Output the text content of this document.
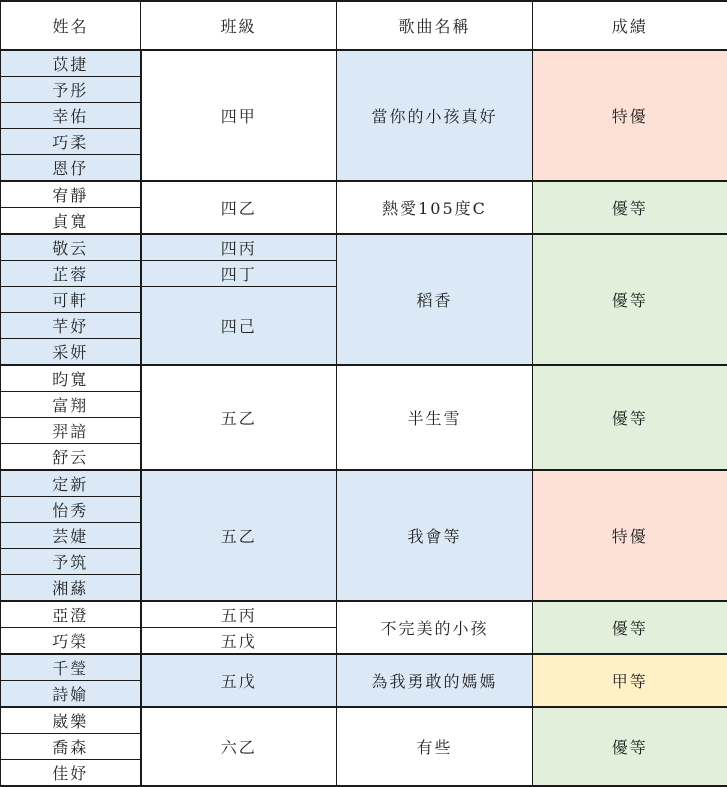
姓名	班級	歌曲名稱	成績
苡捷	四甲	當你的小孩真好	特優
予彤			
幸佑			
巧柔			
恩伃			
宥靜	四乙	熱愛105度C	優等
貞寬			
敬云	四丙	稻香	優等
芷蓉	四丁		
可軒	四己		
芊妤			
采妍			
昀寬	五乙	半生雪	優等
富翔			
羿諳			
舒云			
定新	五乙	我會等	特優
怡秀			
芸婕			
予筑			
湘蕬			
亞澄	五丙	不完美的小孩	優等
巧榮	五戊		
千瑩	五戊	為我勇敢的媽媽	甲等
詩媮			
崴樂	六乙	有些	優等
喬森			
佳妤			
